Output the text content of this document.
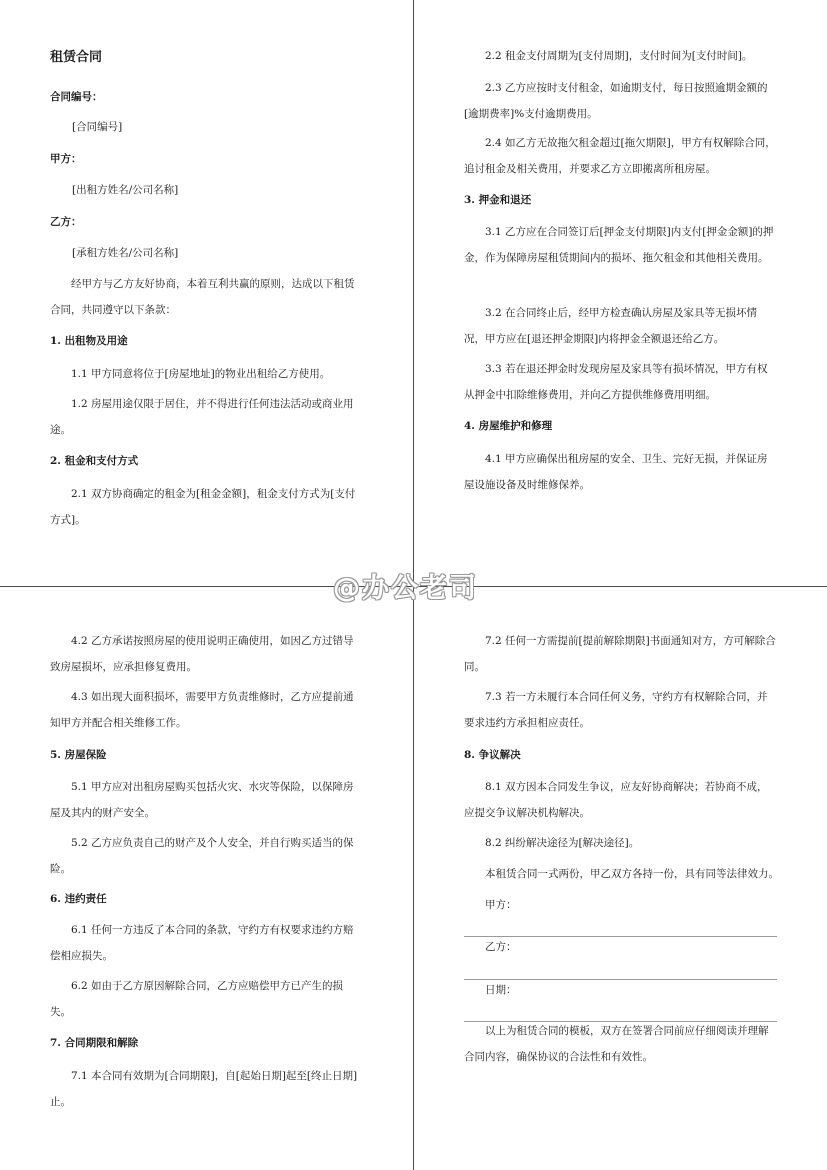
租赁合同
合同编号：
[合同编号]
甲方：
[出租方姓名/公司名称]
乙方：
[承租方姓名/公司名称]
经甲方与乙方友好协商，本着互利共赢的原则，达成以下租赁合同，共同遵守以下条款：
1. 出租物及用途
1.1 甲方同意将位于[房屋地址]的物业出租给乙方使用。
1.2 房屋用途仅限于居住，并不得进行任何违法活动或商业用途。
2. 租金和支付方式
2.1 双方协商确定的租金为[租金金额]，租金支付方式为[支付方式]。
2.2 租金支付周期为[支付周期]，支付时间为[支付时间]。
2.3 乙方应按时支付租金，如逾期支付，每日按照逾期金额的[逾期费率]%支付逾期费用。
2.4 如乙方无故拖欠租金超过[拖欠期限]，甲方有权解除合同，追讨租金及相关费用，并要求乙方立即搬离所租房屋。
3. 押金和退还
3.1 乙方应在合同签订后[押金支付期限]内支付[押金金额]的押金，作为保障房屋租赁期间内的损坏、拖欠租金和其他相关费用。
3.2 在合同终止后，经甲方检查确认房屋及家具等无损坏情况，甲方应在[退还押金期限]内将押金全额退还给乙方。
3.3 若在退还押金时发现房屋及家具等有损坏情况，甲方有权从押金中扣除维修费用，并向乙方提供维修费用明细。
4. 房屋维护和修理
4.1 甲方应确保出租房屋的安全、卫生、完好无损，并保证房屋设施设备及时维修保养。
4.2 乙方承诺按照房屋的使用说明正确使用，如因乙方过错导致房屋损坏，应承担修复费用。
4.3 如出现大面积损坏，需要甲方负责维修时，乙方应提前通知甲方并配合相关维修工作。
5. 房屋保险
5.1 甲方应对出租房屋购买包括火灾、水灾等保险，以保障房屋及其内的财产安全。
5.2 乙方应负责自己的财产及个人安全，并自行购买适当的保险。
6. 违约责任
6.1 任何一方违反了本合同的条款，守约方有权要求违约方赔偿相应损失。
6.2 如由于乙方原因解除合同，乙方应赔偿甲方已产生的损失。
7. 合同期限和解除
7.1 本合同有效期为[合同期限]，自[起始日期]起至[终止日期]止。
7.2 任何一方需提前[提前解除期限]书面通知对方，方可解除合同。
7.3 若一方未履行本合同任何义务，守约方有权解除合同，并要求违约方承担相应责任。
8. 争议解决
8.1 双方因本合同发生争议，应友好协商解决；若协商不成，应提交争议解决机构解决。
8.2 纠纷解决途径为[解决途径]。
本租赁合同一式两份，甲乙双方各持一份，具有同等法律效力。
甲方：
乙方：
日期：
以上为租赁合同的模板，双方在签署合同前应仔细阅读并理解合同内容，确保协议的合法性和有效性。
@办公老司
